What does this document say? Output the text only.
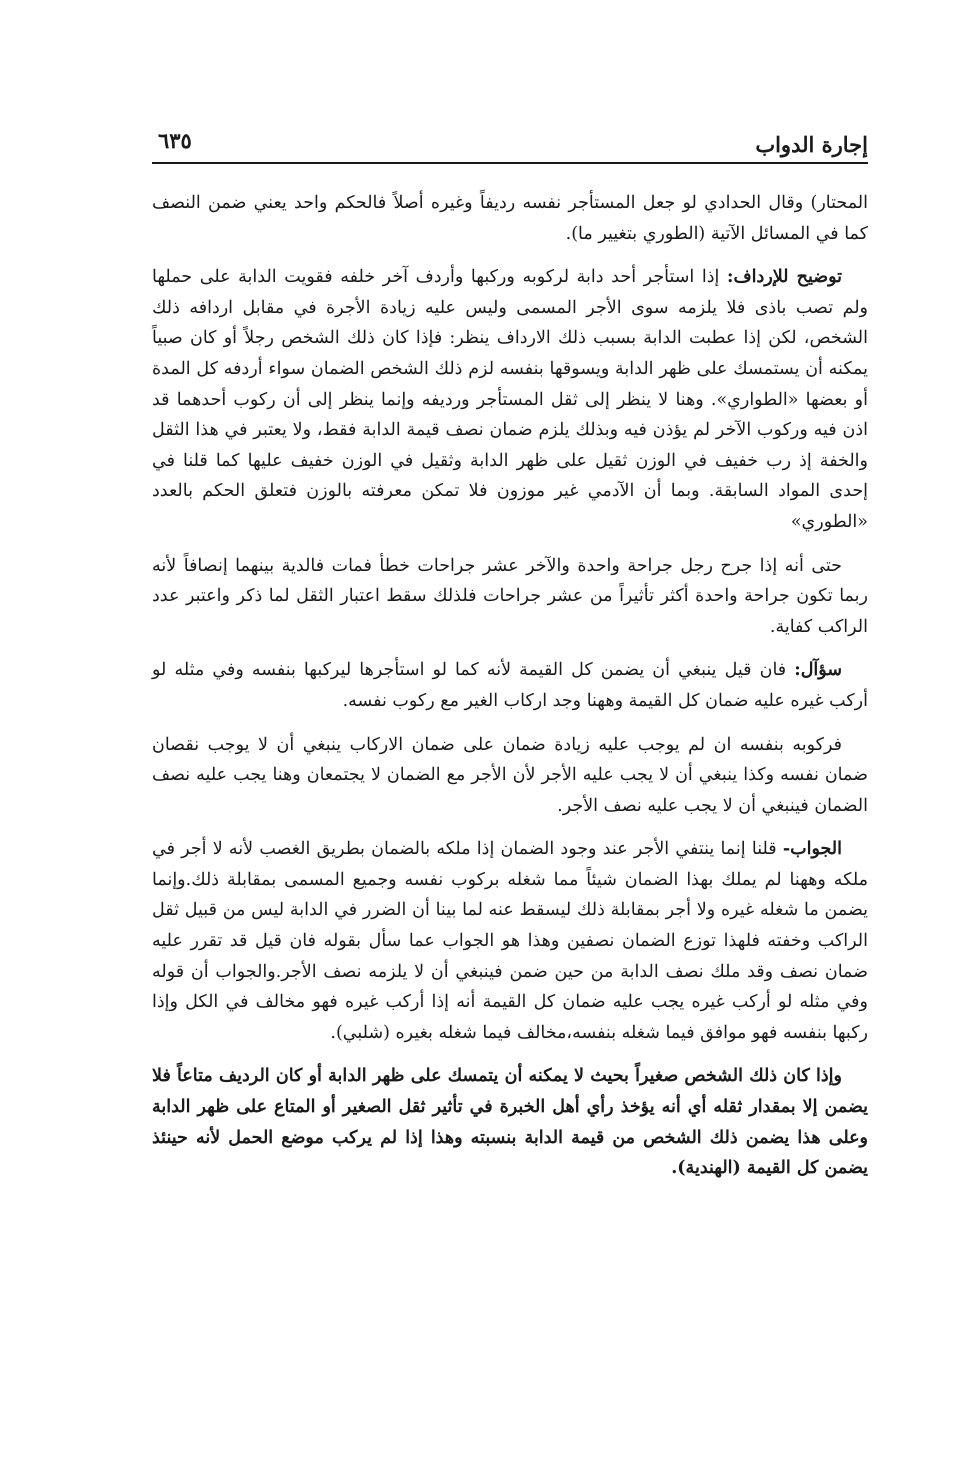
إجارة الدواب
٦٣٥

المحتار) وقال الحدادي لو جعل المستأجر نفسه رديفاً وغيره أصلاً فالحكم واحد يعني ضمن النصف كما في المسائل الآتية (الطوري بتغيير ما).

توضيح للإرداف: إذا استأجر أحد دابة لركوبه وركبها وأردف آخر خلفه فقويت الدابة على حملها ولم تصب باذى فلا يلزمه سوى الأجر المسمى وليس عليه زيادة الأجرة في مقابل اردافه ذلك الشخص، لكن إذا عطبت الدابة بسبب ذلك الارداف ينظر: فإذا كان ذلك الشخص رجلاً أو كان صبياً يمكنه أن يستمسك على ظهر الدابة ويسوقها بنفسه لزم ذلك الشخص الضمان سواء أردفه كل المدة أو بعضها «الطواري». وهنا لا ينظر إلى ثقل المستأجر ورديفه وإنما ينظر إلى أن ركوب أحدهما قد اذن فيه وركوب الآخر لم يؤذن فيه وبذلك يلزم ضمان نصف قيمة الدابة فقط، ولا يعتبر في هذا الثقل والخفة إذ رب خفيف في الوزن ثقيل على ظهر الدابة وثقيل في الوزن خفيف عليها كما قلنا في إحدى المواد السابقة. وبما أن الآدمي غير موزون فلا تمكن معرفته بالوزن فتعلق الحكم بالعدد «الطوري»

حتى أنه إذا جرح رجل جراحة واحدة والآخر عشر جراحات خطأ فمات فالدية بينهما إنصافاً لأنه ربما تكون جراحة واحدة أكثر تأثيراً من عشر جراحات فلذلك سقط اعتبار الثقل لما ذكر واعتبر عدد الراكب كفاية.

سؤآل: فان قيل ينبغي أن يضمن كل القيمة لأنه كما لو استأجرها ليركبها بنفسه وفي مثله لو أركب غيره عليه ضمان كل القيمة وههنا وجد اركاب الغير مع ركوب نفسه.

فركوبه بنفسه ان لم يوجب عليه زيادة ضمان على ضمان الاركاب ينبغي أن لا يوجب نقصان ضمان نفسه وكذا ينبغي أن لا يجب عليه الأجر لأن الأجر مع الضمان لا يجتمعان وهنا يجب عليه نصف الضمان فينبغي أن لا يجب عليه نصف الأجر.

الجواب- قلنا إنما ينتفي الأجر عند وجود الضمان إذا ملكه بالضمان بطريق الغصب لأنه لا أجر في ملكه وههنا لم يملك بهذا الضمان شيئاً مما شغله بركوب نفسه وجميع المسمى بمقابلة ذلك.وإنما يضمن ما شغله غيره ولا أجر بمقابلة ذلك ليسقط عنه لما بينا أن الضرر في الدابة ليس من قبيل ثقل الراكب وخفته فلهذا توزع الضمان نصفين وهذا هو الجواب عما سأل بقوله فان قيل قد تقرر عليه ضمان نصف وقد ملك نصف الدابة من حين ضمن فينبغي أن لا يلزمه نصف الأجر.والجواب أن قوله وفي مثله لو أركب غيره يجب عليه ضمان كل القيمة أنه إذا أركب غيره فهو مخالف في الكل وإذا ركبها بنفسه فهو موافق فيما شغله بنفسه،مخالف فيما شغله بغيره (شلبي).

وإذا كان ذلك الشخص صغيراً بحيث لا يمكنه أن يتمسك على ظهر الدابة أو كان الرديف متاعاً فلا يضمن إلا بمقدار ثقله أي أنه يؤخذ رأي أهل الخبرة في تأثير ثقل الصغير أو المتاع على ظهر الدابة وعلى هذا يضمن ذلك الشخص من قيمة الدابة بنسبته وهذا إذا لم يركب موضع الحمل لأنه حينئذ يضمن كل القيمة (الهندية).
